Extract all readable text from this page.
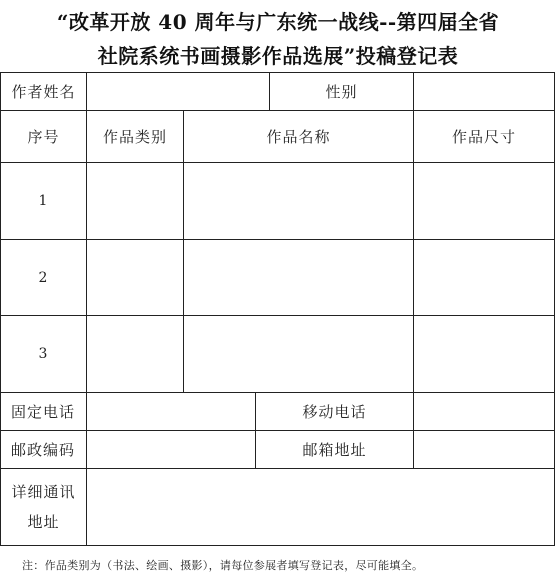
“改革开放 40 周年与广东统一战线--第四届全省
社院系统书画摄影作品选展”投稿登记表
作者姓名	性别
序号	作品类别	作品名称	作品尺寸
1
2
3
固定电话	移动电话
邮政编码	邮箱地址
详细通讯
地址
注：作品类别为（书法、绘画、摄影），请每位参展者填写登记表，尽可能填全。
